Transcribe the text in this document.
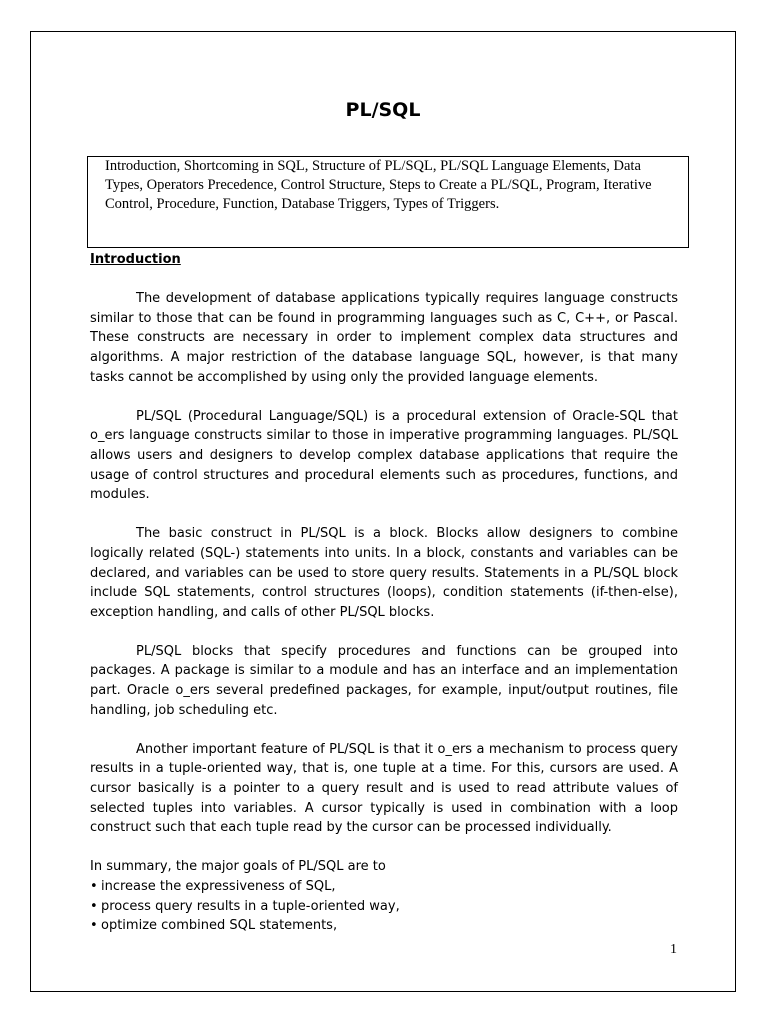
PL/SQL
Introduction, Shortcoming in SQL, Structure of PL/SQL, PL/SQL Language Elements, Data Types, Operators Precedence, Control Structure, Steps to Create a PL/SQL, Program, Iterative Control, Procedure, Function, Database Triggers, Types of Triggers.
Introduction

The development of database applications typically requires language constructs similar to those that can be found in programming languages such as C, C++, or Pascal. These constructs are necessary in order to implement complex data structures and algorithms. A major restriction of the database language SQL, however, is that many tasks cannot be accomplished by using only the provided language elements.

PL/SQL (Procedural Language/SQL) is a procedural extension of Oracle-SQL that o_ers language constructs similar to those in imperative programming languages. PL/SQL allows users and designers to develop complex database applications that require the usage of control structures and procedural elements such as procedures, functions, and modules.

The basic construct in PL/SQL is a block. Blocks allow designers to combine logically related (SQL-) statements into units. In a block, constants and variables can be declared, and variables can be used to store query results. Statements in a PL/SQL block include SQL statements, control structures (loops), condition statements (if-then-else), exception handling, and calls of other PL/SQL blocks.

PL/SQL blocks that specify procedures and functions can be grouped into packages. A package is similar to a module and has an interface and an implementation part. Oracle o_ers several predefined packages, for example, input/output routines, file handling, job scheduling etc.

Another important feature of PL/SQL is that it o_ers a mechanism to process query results in a tuple-oriented way, that is, one tuple at a time. For this, cursors are used. A cursor basically is a pointer to a query result and is used to read attribute values of selected tuples into variables. A cursor typically is used in combination with a loop construct such that each tuple read by the cursor can be processed individually.

In summary, the major goals of PL/SQL are to
• increase the expressiveness of SQL,
• process query results in a tuple-oriented way,
• optimize combined SQL statements,
1
